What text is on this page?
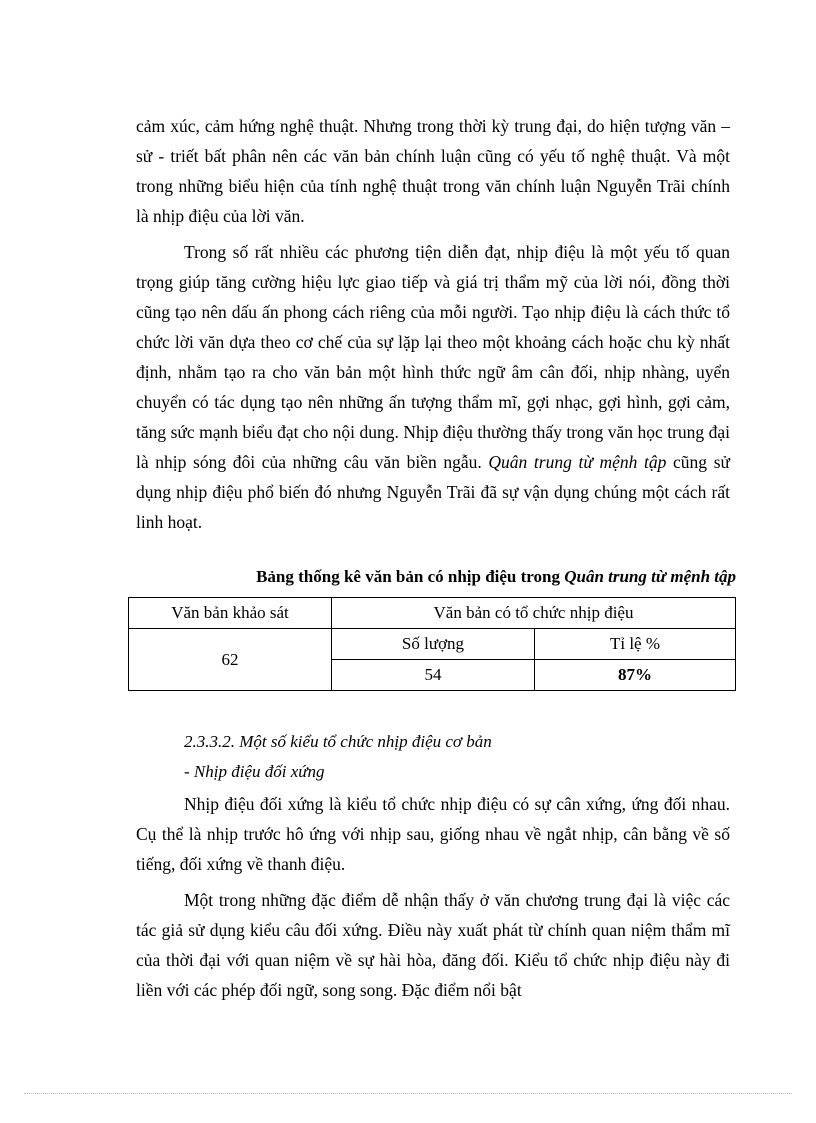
cảm xúc, cảm hứng nghệ thuật. Nhưng trong thời kỳ trung đại, do hiện tượng văn – sử - triết bất phân nên các văn bản chính luận cũng có yếu tố nghệ thuật. Và một trong những biểu hiện của tính nghệ thuật trong văn chính luận Nguyễn Trãi chính là nhịp điệu của lời văn.

Trong số rất nhiều các phương tiện diễn đạt, nhịp điệu là một yếu tố quan trọng giúp tăng cường hiệu lực giao tiếp và giá trị thẩm mỹ của lời nói, đồng thời cũng tạo nên dấu ấn phong cách riêng của mỗi người. Tạo nhịp điệu là cách thức tổ chức lời văn dựa theo cơ chế của sự lặp lại theo một khoảng cách hoặc chu kỳ nhất định, nhằm tạo ra cho văn bản một hình thức ngữ âm cân đối, nhịp nhàng, uyển chuyển có tác dụng tạo nên những ấn tượng thẩm mĩ, gợi nhạc, gợi hình, gợi cảm, tăng sức mạnh biểu đạt cho nội dung. Nhịp điệu thường thấy trong văn học trung đại là nhịp sóng đôi của những câu văn biền ngẫu. Quân trung từ mệnh tập cũng sử dụng nhịp điệu phổ biến đó nhưng Nguyễn Trãi đã sự vận dụng chúng một cách rất linh hoạt.

Bảng thống kê văn bản có nhịp điệu trong Quân trung từ mệnh tập
Văn bản khảo sát	Văn bản có tổ chức nhịp điệu	
62	Số lượng	Tỉ lệ %
	54	87%
2.3.3.2. Một số kiểu tổ chức nhịp điệu cơ bản
- Nhịp điệu đối xứng

Nhịp điệu đối xứng là kiểu tổ chức nhịp điệu có sự cân xứng, ứng đối nhau. Cụ thể là nhịp trước hô ứng với nhịp sau, giống nhau về ngắt nhịp, cân bằng về số tiếng, đối xứng về thanh điệu.

Một trong những đặc điểm dễ nhận thấy ở văn chương trung đại là việc các tác giả sử dụng kiểu câu đối xứng. Điều này xuất phát từ chính quan niệm thẩm mĩ của thời đại với quan niệm về sự hài hòa, đăng đối. Kiểu tổ chức nhịp điệu này đi liền với các phép đối ngữ, song song. Đặc điểm nổi bật
